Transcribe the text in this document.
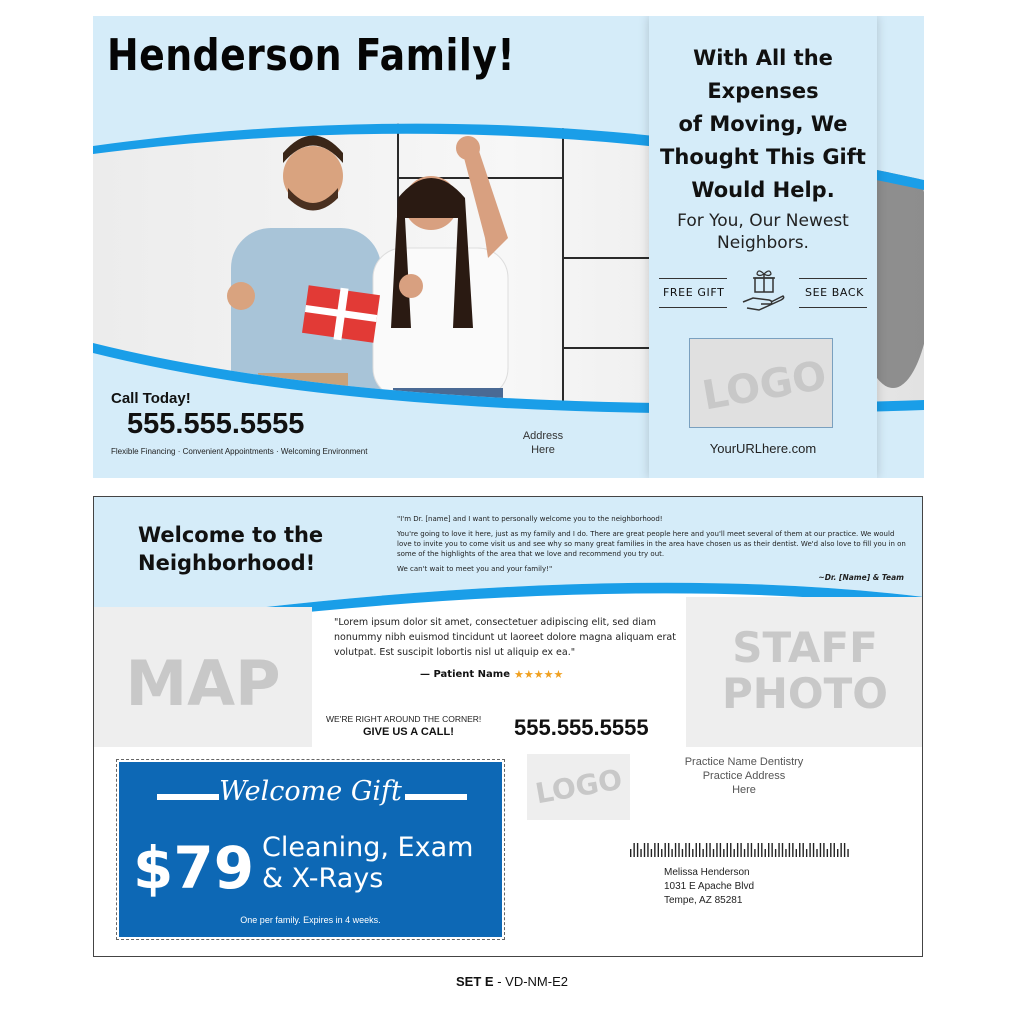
Henderson Family!
Call Today!
555.555.5555
Flexible Financing · Convenient Appointments · Welcoming Environment
Address
Here
With All the
Expenses
of Moving, We
Thought This Gift
Would Help.
For You, Our Newest
Neighbors.
FREE GIFT	SEE BACK
LOGO
YourURLhere.com
Welcome to the
Neighborhood!

"I'm Dr. [name] and I want to personally welcome you to the neighborhood!

You're going to love it here, just as my family and I do. There are great people here and you'll meet several of them at our practice. We would love to invite you to come visit us and see why so many great families in the area have chosen us as their dentist. We'd also love to fill you in on some of the highlights of the area that we love and recommend you try out.

We can't wait to meet you and your family!"

~Dr. [Name] & Team
MAP	STAFF
PHOTO
"Lorem ipsum dolor sit amet, consectetuer adipiscing elit, sed diam nonummy nibh euismod tincidunt ut laoreet dolore magna aliquam erat volutpat. Est suscipit lobortis nisl ut aliquip ex ea."
— Patient Name ★★★★★
WE'RE RIGHT AROUND THE CORNER!
GIVE US A CALL!	555.555.5555
Welcome Gift
$79 Cleaning, Exam
& X-Rays
One per family. Expires in 4 weeks.
LOGO
Practice Name Dentistry
Practice Address
Here
Melissa Henderson
1031 E Apache Blvd
Tempe, AZ 85281
SET E - VD-NM-E2
